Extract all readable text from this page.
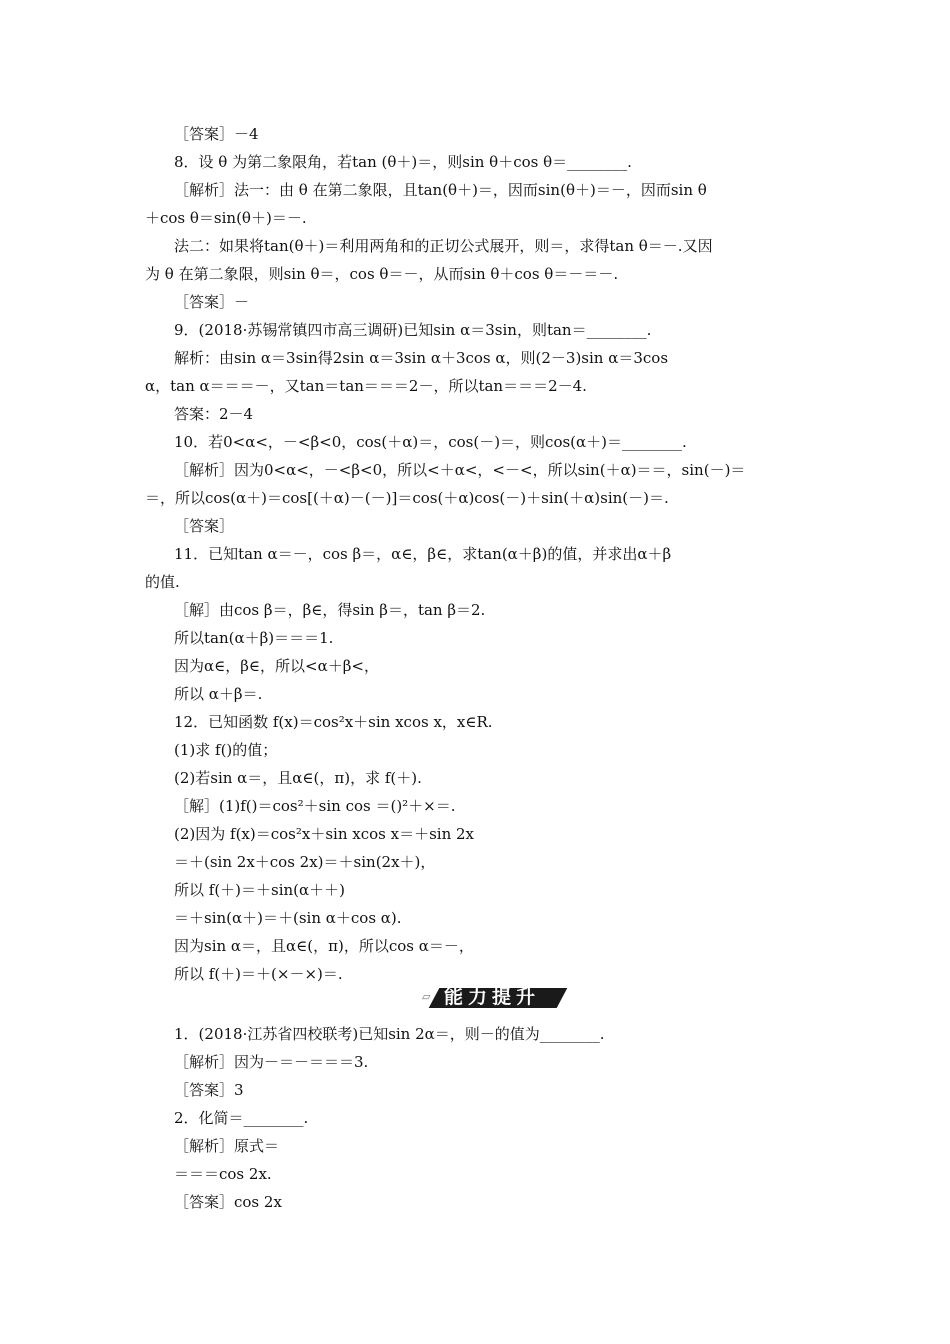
［答案］－4
8．设 θ 为第二象限角，若tan (θ＋)＝，则sin θ＋cos θ＝________.
［解析］法一：由 θ 在第二象限，且tan(θ＋)＝，因而sin(θ＋)＝－，因而sin θ
＋cos θ＝sin(θ＋)＝－.
法二：如果将tan(θ＋)＝利用两角和的正切公式展开，则＝，求得tan θ＝－.又因
为 θ 在第二象限，则sin θ＝，cos θ＝－，从而sin θ＋cos θ＝－＝－.
［答案］－
9．(2018·苏锡常镇四市高三调研)已知sin α＝3sin，则tan＝________.
解析：由sin α＝3sin得2sin α＝3sin α＋3cos α，则(2－3)sin α＝3cos
α，tan α＝＝＝－，又tan＝tan＝＝＝2－，所以tan＝＝＝2－4.
答案：2－4
10．若0<α<，－<β<0，cos(＋α)＝，cos(－)＝，则cos(α＋)＝________.
［解析］因为0<α<，－<β<0，所以<＋α<，<－<，所以sin(＋α)＝＝，sin(－)＝
＝，所以cos(α＋)＝cos[(＋α)－(－)]＝cos(＋α)cos(－)＋sin(＋α)sin(－)＝.
［答案］
11．已知tan α＝－，cos β＝，α∈，β∈，求tan(α＋β)的值，并求出α＋β
的值.
［解］由cos β＝，β∈，得sin β＝，tan β＝2.
所以tan(α＋β)＝＝＝1.
因为α∈，β∈，所以<α＋β<，
所以 α＋β＝.
12．已知函数 f(x)＝cos²x＋sin xcos x，x∈R.
(1)求 f()的值；
(2)若sin α＝，且α∈(，π)，求 f(＋).
［解］(1)f()＝cos²＋sin cos ＝()²＋×＝.
(2)因为 f(x)＝cos²x＋sin xcos x＝＋sin 2x
＝＋(sin 2x＋cos 2x)＝＋sin(2x＋)，
所以 f(＋)＝＋sin(α＋＋)
＝＋sin(α＋)＝＋(sin α＋cos α).
因为sin α＝，且α∈(，π)，所以cos α＝－，
所以 f(＋)＝＋(×－×)＝.
1．(2018·江苏省四校联考)已知sin 2α＝，则－的值为________.
［解析］因为－＝－＝＝＝3.
［答案］3
2．化简＝________.
［解析］原式＝
＝＝＝cos 2x.
［答案］cos 2x
▱ 能力提升
